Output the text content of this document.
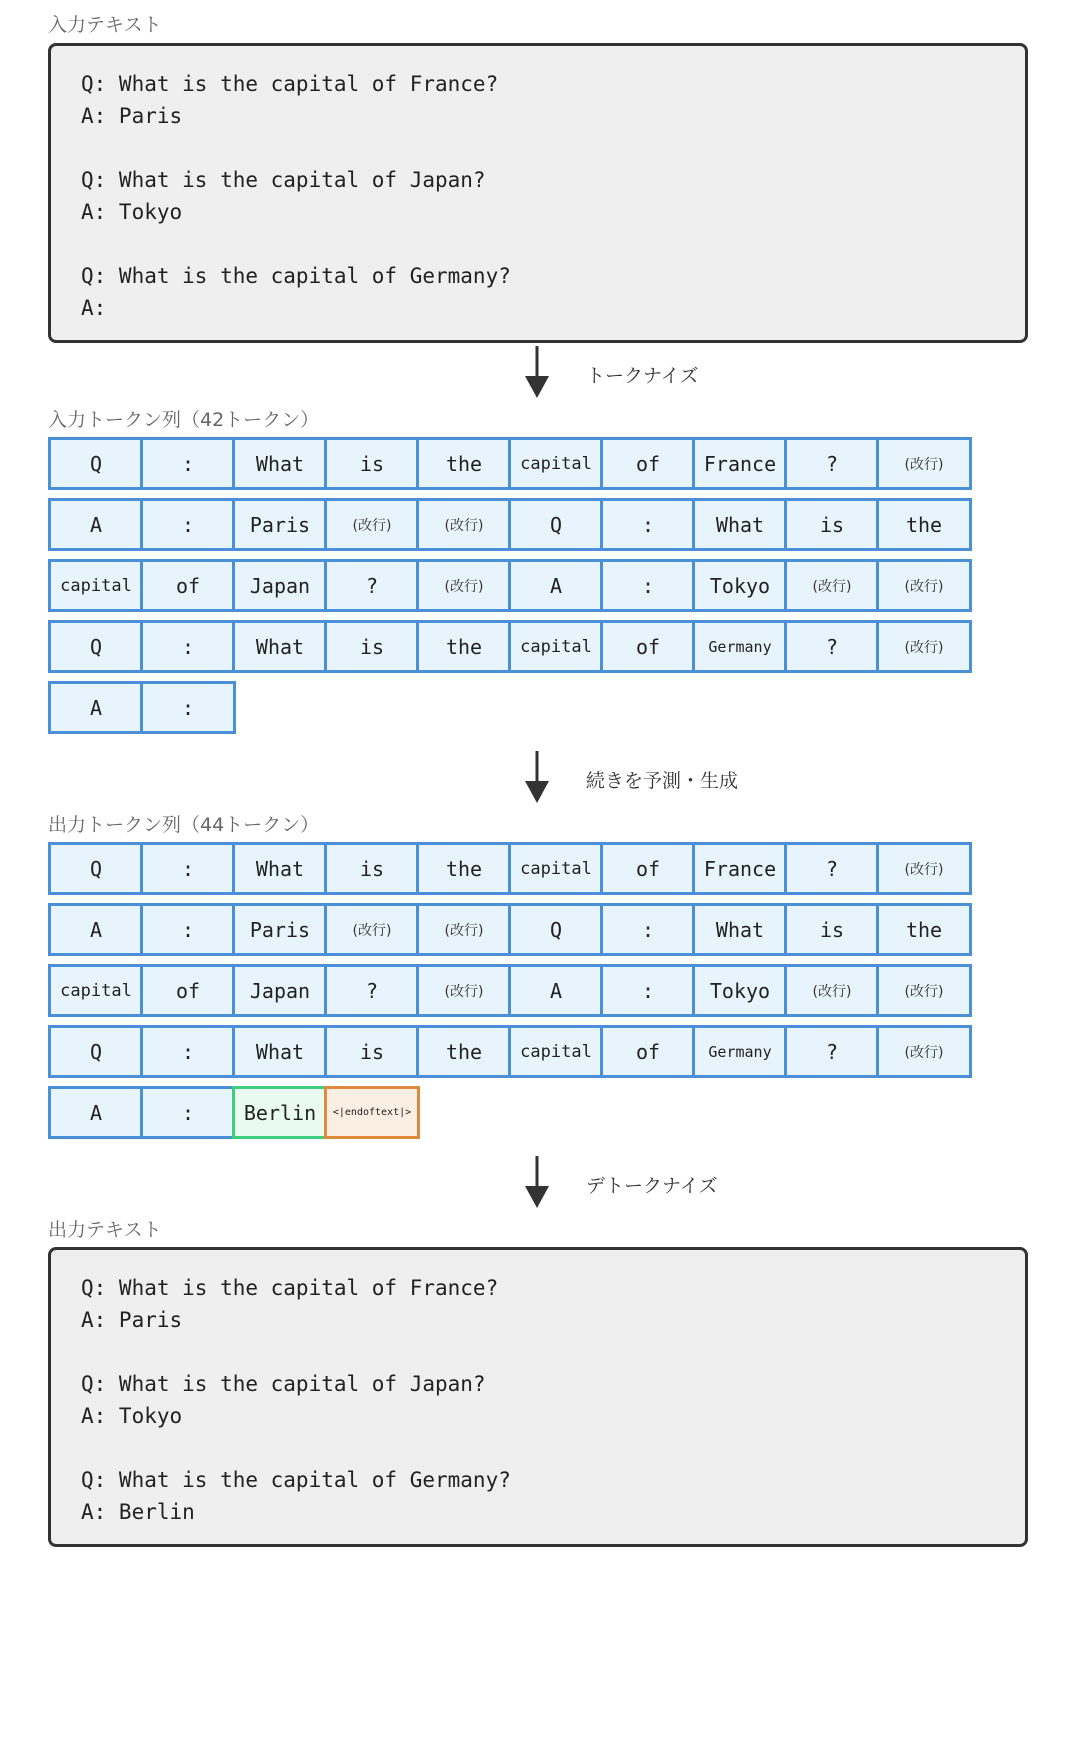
入力テキスト
Q: What is the capital of France?
A: Paris
Q: What is the capital of Japan?
A: Tokyo
Q: What is the capital of Germany?
A:
トークナイズ
入力トークン列（42トークン）
Q	:	What	is	the	capital	of	France	?	(改行)
A	:	Paris	(改行)	(改行)	Q	:	What	is	the
capital	of	Japan	?	(改行)	A	:	Tokyo	(改行)	(改行)
Q	:	What	is	the	capital	of	Germany	?	(改行)
A	:
続きを予測・生成
出力トークン列（44トークン）
Q	:	What	is	the	capital	of	France	?	(改行)
A	:	Paris	(改行)	(改行)	Q	:	What	is	the
capital	of	Japan	?	(改行)	A	:	Tokyo	(改行)	(改行)
Q	:	What	is	the	capital	of	Germany	?	(改行)
A	:	Berlin	<|endoftext|>
デトークナイズ
出力テキスト
Q: What is the capital of France?
A: Paris
Q: What is the capital of Japan?
A: Tokyo
Q: What is the capital of Germany?
A: Berlin
